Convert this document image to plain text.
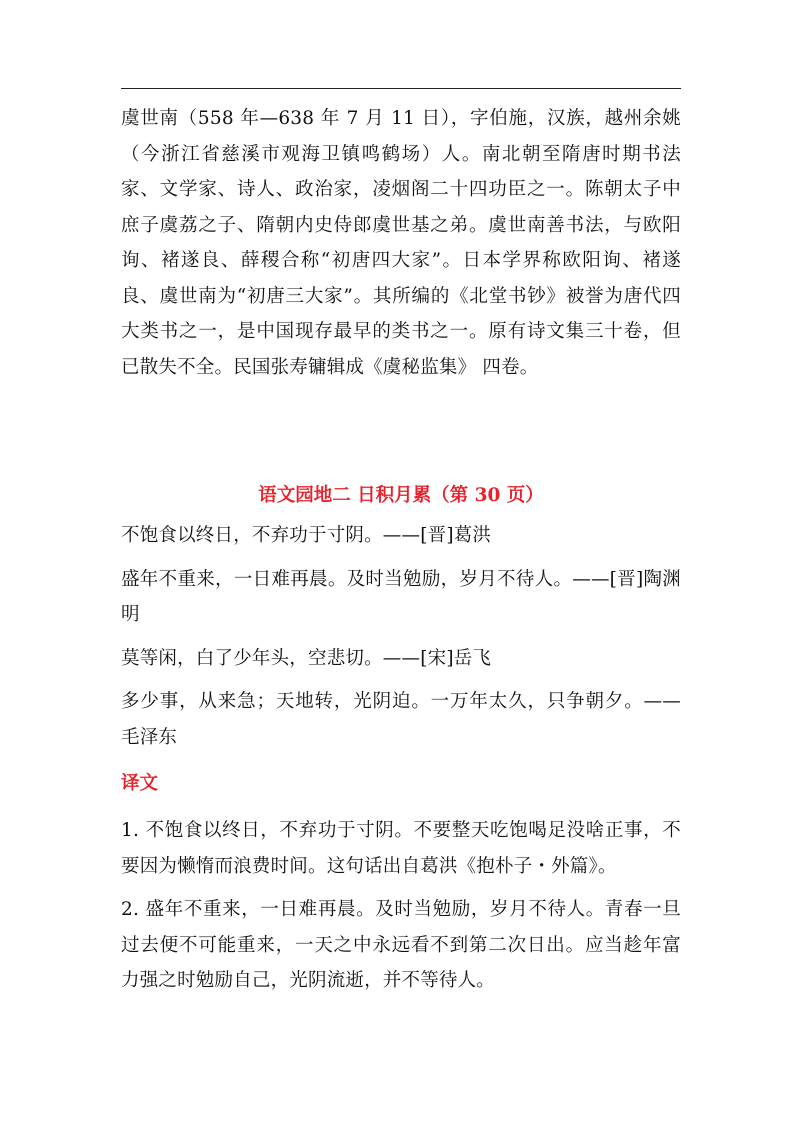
虞世南（558 年—638 年 7 月 11 日），字伯施，汉族，越州余姚（今浙江省慈溪市观海卫镇鸣鹤场）人。南北朝至隋唐时期书法家、文学家、诗人、政治家，凌烟阁二十四功臣之一。陈朝太子中庶子虞荔之子、隋朝内史侍郎虞世基之弟。虞世南善书法，与欧阳询、褚遂良、薛稷合称“初唐四大家”。日本学界称欧阳询、褚遂良、虞世南为“初唐三大家”。其所编的《北堂书钞》被誉为唐代四大类书之一，是中国现存最早的类书之一。原有诗文集三十卷，但已散失不全。民国张寿镛辑成《虞秘监集》 四卷。

语文园地二 日积月累（第 30 页）

不饱食以终日，不弃功于寸阴。——[晋]葛洪

盛年不重来，一日难再晨。及时当勉励，岁月不待人。——[晋]陶渊明

莫等闲，白了少年头，空悲切。——[宋]岳飞

多少事，从来急；天地转，光阴迫。一万年太久，只争朝夕。——毛泽东

译文

1. 不饱食以终日，不弃功于寸阴。不要整天吃饱喝足没啥正事，不要因为懒惰而浪费时间。这句话出自葛洪《抱朴子・外篇》。

2. 盛年不重来，一日难再晨。及时当勉励，岁月不待人。青春一旦过去便不可能重来，一天之中永远看不到第二次日出。应当趁年富力强之时勉励自己，光阴流逝，并不等待人。
